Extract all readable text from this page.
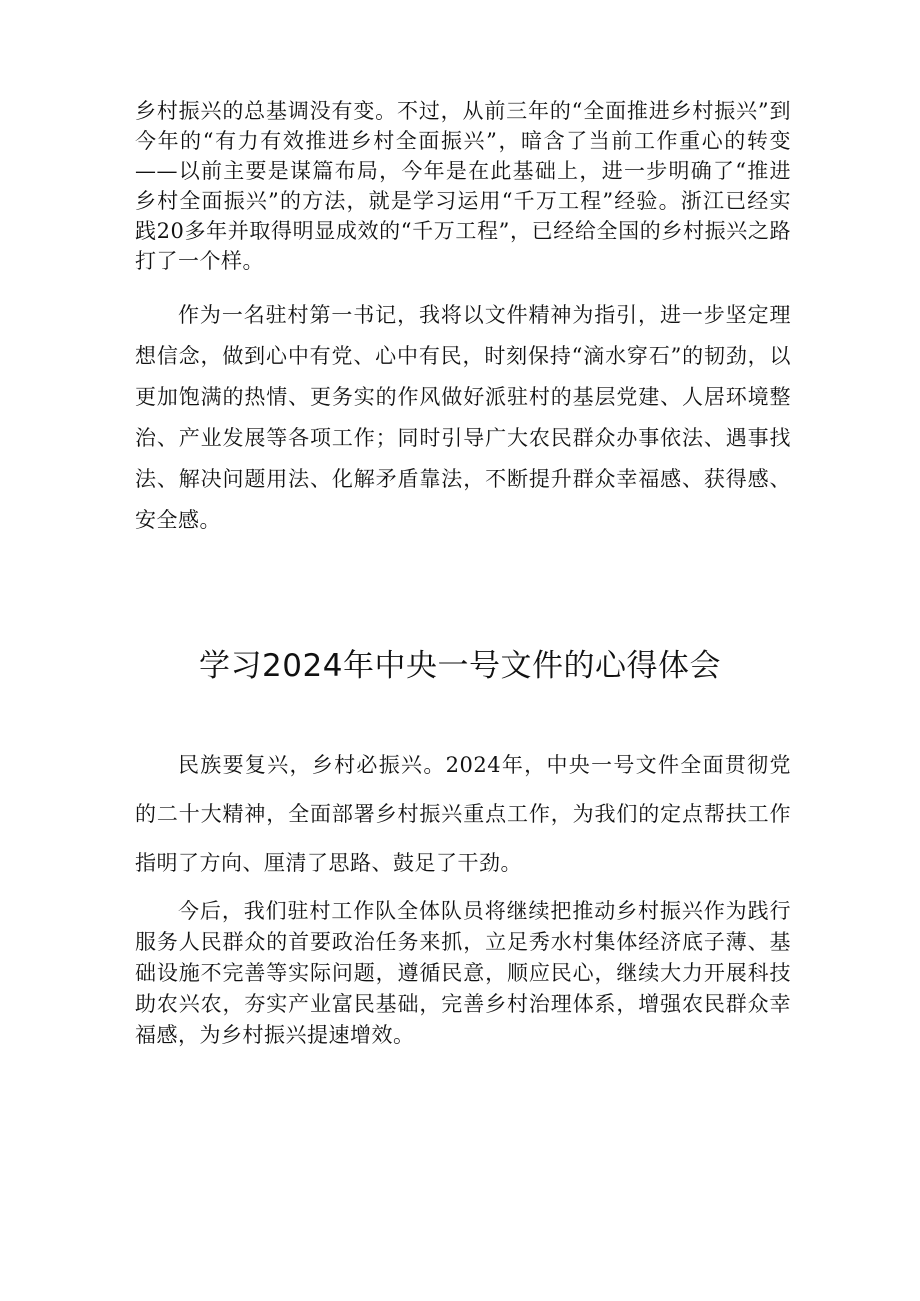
乡村振兴的总基调没有变。不过，从前三年的“全面推进乡村振兴”到今年的“有力有效推进乡村全面振兴”，暗含了当前工作重心的转变——以前主要是谋篇布局，今年是在此基础上，进一步明确了“推进乡村全面振兴”的方法，就是学习运用“千万工程”经验。浙江已经实践20多年并取得明显成效的“千万工程”，已经给全国的乡村振兴之路打了一个样。

作为一名驻村第一书记，我将以文件精神为指引，进一步坚定理想信念，做到心中有党、心中有民，时刻保持“滴水穿石”的韧劲，以更加饱满的热情、更务实的作风做好派驻村的基层党建、人居环境整治、产业发展等各项工作；同时引导广大农民群众办事依法、遇事找法、解决问题用法、化解矛盾靠法，不断提升群众幸福感、获得感、安全感。

学习2024年中央一号文件的心得体会

民族要复兴，乡村必振兴。2024年，中央一号文件全面贯彻党的二十大精神，全面部署乡村振兴重点工作，为我们的定点帮扶工作指明了方向、厘清了思路、鼓足了干劲。

今后，我们驻村工作队全体队员将继续把推动乡村振兴作为践行服务人民群众的首要政治任务来抓，立足秀水村集体经济底子薄、基础设施不完善等实际问题，遵循民意，顺应民心，继续大力开展科技助农兴农，夯实产业富民基础，完善乡村治理体系，增强农民群众幸福感，为乡村振兴提速增效。
